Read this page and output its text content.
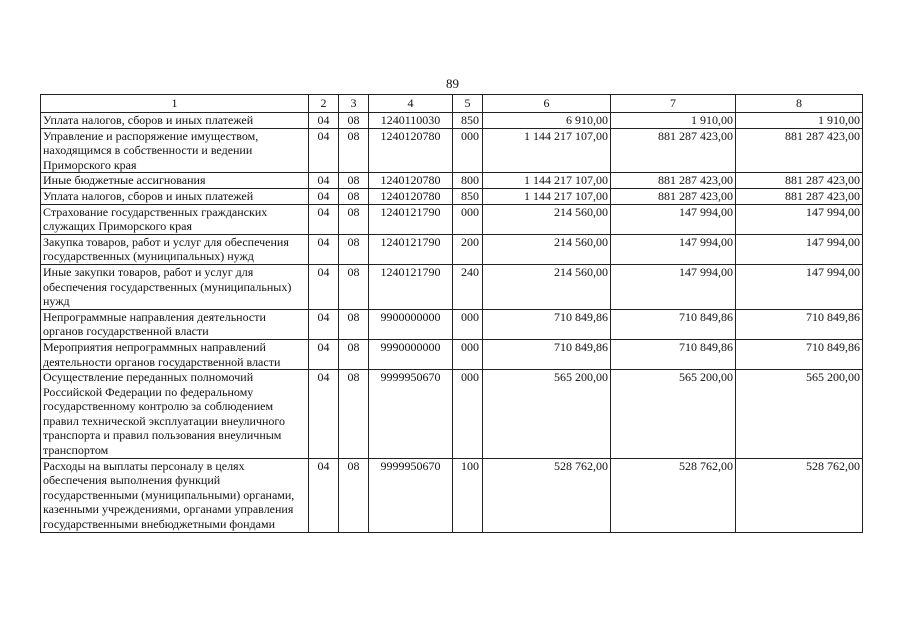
89
1	2	3	4	5	6	7	8
Уплата налогов, сборов и иных платежей	04	08	1240110030	850	6 910,00	1 910,00	1 910,00
Управление и распоряжение имуществом, находящимся в собственности и ведении Приморского края	04	08	1240120780	000	1 144 217 107,00	881 287 423,00	881 287 423,00
Иные бюджетные ассигнования	04	08	1240120780	800	1 144 217 107,00	881 287 423,00	881 287 423,00
Уплата налогов, сборов и иных платежей	04	08	1240120780	850	1 144 217 107,00	881 287 423,00	881 287 423,00
Страхование государственных гражданских служащих Приморского края	04	08	1240121790	000	214 560,00	147 994,00	147 994,00
Закупка товаров, работ и услуг для обеспечения государственных (муниципальных) нужд	04	08	1240121790	200	214 560,00	147 994,00	147 994,00
Иные закупки товаров, работ и услуг для обеспечения государственных (муниципальных) нужд	04	08	1240121790	240	214 560,00	147 994,00	147 994,00
Непрограммные направления деятельности органов государственной власти	04	08	9900000000	000	710 849,86	710 849,86	710 849,86
Мероприятия непрограммных направлений деятельности органов государственной власти	04	08	9990000000	000	710 849,86	710 849,86	710 849,86
Осуществление переданных полномочий Российской Федерации по федеральному государственному контролю за соблюдением правил технической эксплуатации внеуличного транспорта и правил пользования внеуличным транспортом	04	08	9999950670	000	565 200,00	565 200,00	565 200,00
Расходы на выплаты персоналу в целях обеспечения выполнения функций государственными (муниципальными) органами, казенными учреждениями, органами управления государственными внебюджетными фондами	04	08	9999950670	100	528 762,00	528 762,00	528 762,00
